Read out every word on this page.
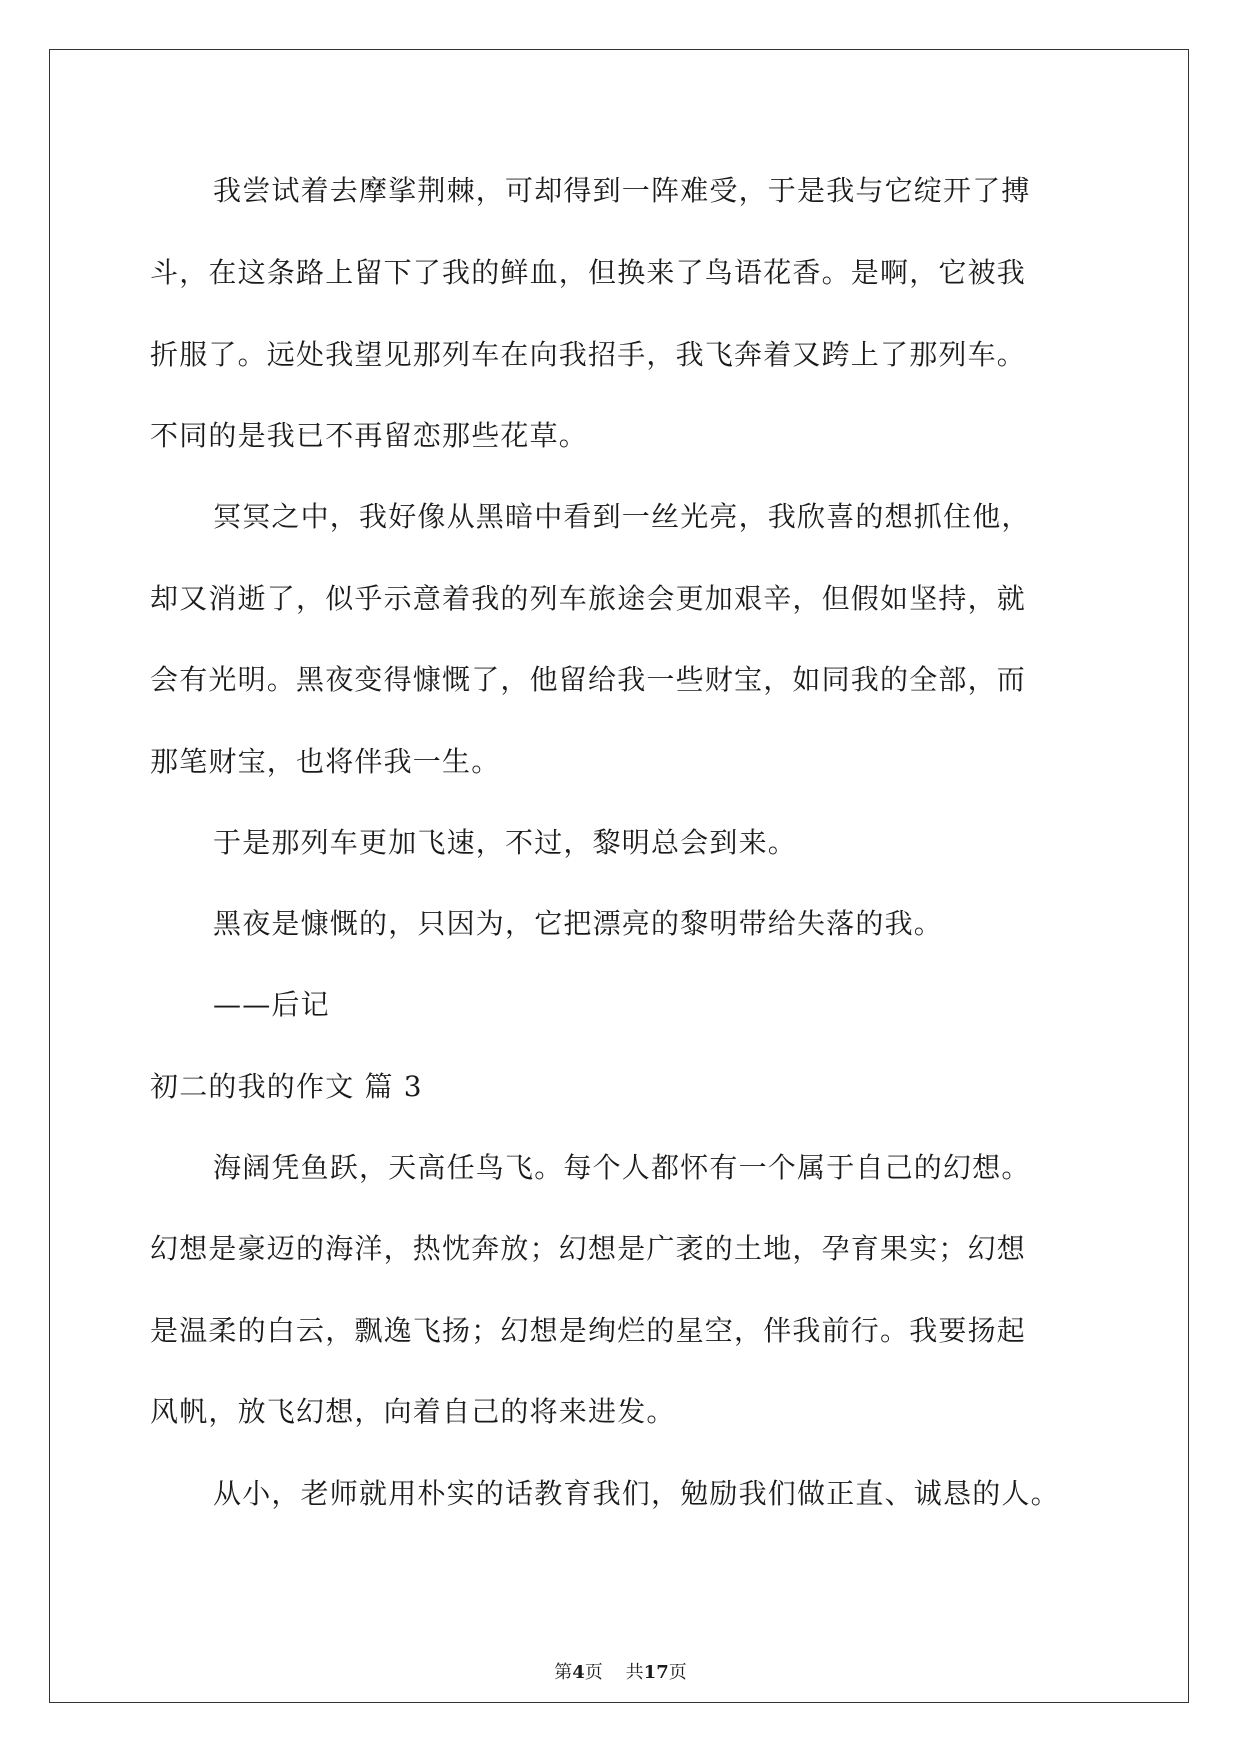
我尝试着去摩挲荆棘，可却得到一阵难受，于是我与它绽开了搏
斗，在这条路上留下了我的鲜血，但换来了鸟语花香。是啊，它被我
折服了。远处我望见那列车在向我招手，我飞奔着又跨上了那列车。
不同的是我已不再留恋那些花草。
冥冥之中，我好像从黑暗中看到一丝光亮，我欣喜的想抓住他，
却又消逝了，似乎示意着我的列车旅途会更加艰辛，但假如坚持，就
会有光明。黑夜变得慷慨了，他留给我一些财宝，如同我的全部，而
那笔财宝，也将伴我一生。
于是那列车更加飞速，不过，黎明总会到来。
黑夜是慷慨的，只因为，它把漂亮的黎明带给失落的我。
——后记
初二的我的作文 篇 3
海阔凭鱼跃，天高任鸟飞。每个人都怀有一个属于自己的幻想。
幻想是豪迈的海洋，热忱奔放；幻想是广袤的土地，孕育果实；幻想
是温柔的白云，飘逸飞扬；幻想是绚烂的星空，伴我前行。我要扬起
风帆，放飞幻想，向着自己的将来进发。
从小，老师就用朴实的话教育我们，勉励我们做正直、诚恳的人。
第4页 共17页
